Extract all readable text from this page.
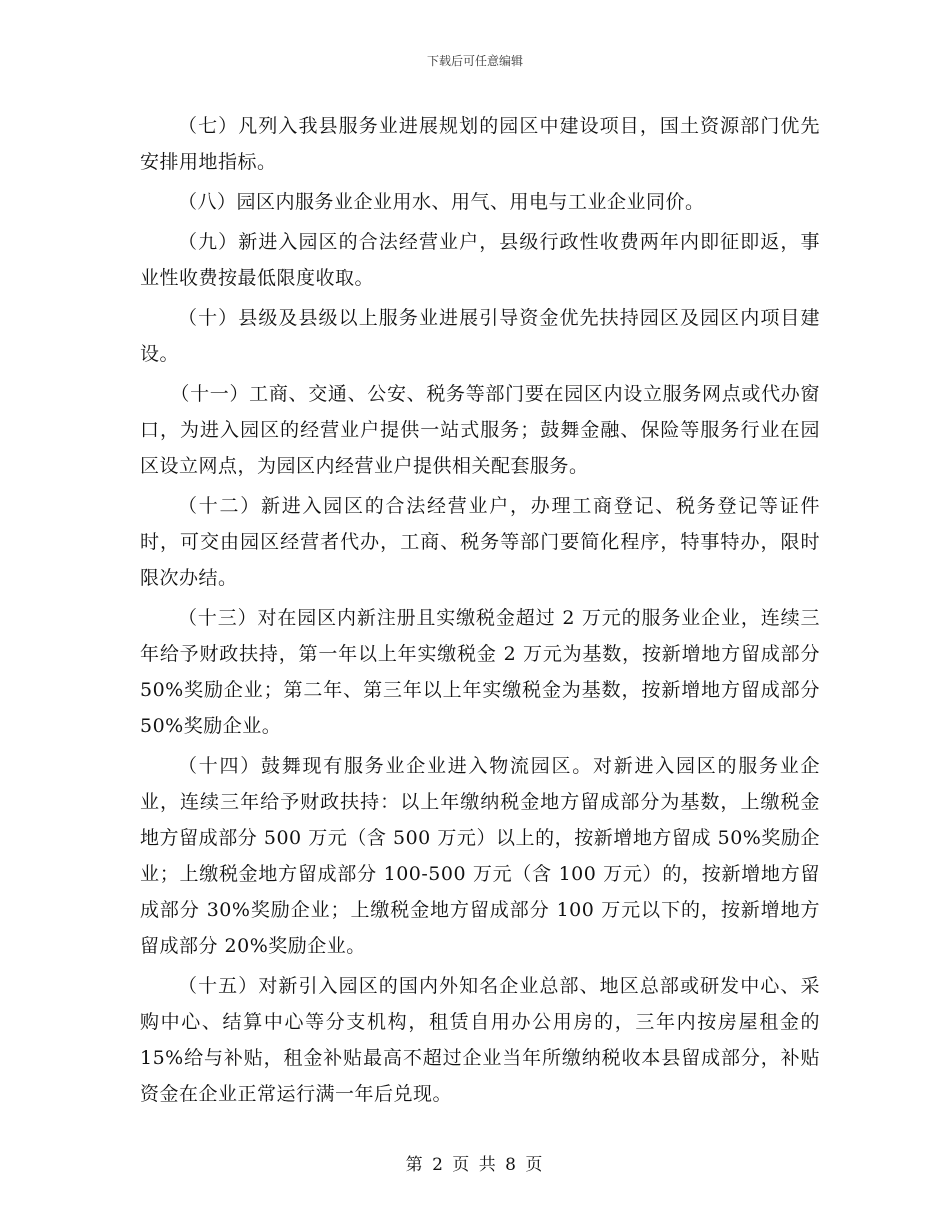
下载后可任意编辑

（七）凡列入我县服务业进展规划的园区中建设项目，国土资源部门优先安排用地指标。

（八）园区内服务业企业用水、用气、用电与工业企业同价。

（九）新进入园区的合法经营业户，县级行政性收费两年内即征即返，事业性收费按最低限度收取。

（十）县级及县级以上服务业进展引导资金优先扶持园区及园区内项目建设。

（十一）工商、交通、公安、税务等部门要在园区内设立服务网点或代办窗口，为进入园区的经营业户提供一站式服务；鼓舞金融、保险等服务行业在园区设立网点，为园区内经营业户提供相关配套服务。

（十二）新进入园区的合法经营业户，办理工商登记、税务登记等证件时，可交由园区经营者代办，工商、税务等部门要简化程序，特事特办，限时限次办结。

（十三）对在园区内新注册且实缴税金超过 2 万元的服务业企业，连续三年给予财政扶持，第一年以上年实缴税金 2 万元为基数，按新增地方留成部分 50%奖励企业；第二年、第三年以上年实缴税金为基数，按新增地方留成部分 50%奖励企业。

（十四）鼓舞现有服务业企业进入物流园区。对新进入园区的服务业企业，连续三年给予财政扶持：以上年缴纳税金地方留成部分为基数，上缴税金地方留成部分 500 万元（含 500 万元）以上的，按新增地方留成 50%奖励企业；上缴税金地方留成部分 100-500 万元（含 100 万元）的，按新增地方留成部分 30%奖励企业；上缴税金地方留成部分 100 万元以下的，按新增地方留成部分 20%奖励企业。

（十五）对新引入园区的国内外知名企业总部、地区总部或研发中心、采购中心、结算中心等分支机构，租赁自用办公用房的，三年内按房屋租金的 15%给与补贴，租金补贴最高不超过企业当年所缴纳税收本县留成部分，补贴资金在企业正常运行满一年后兑现。

第 2 页 共 8 页
